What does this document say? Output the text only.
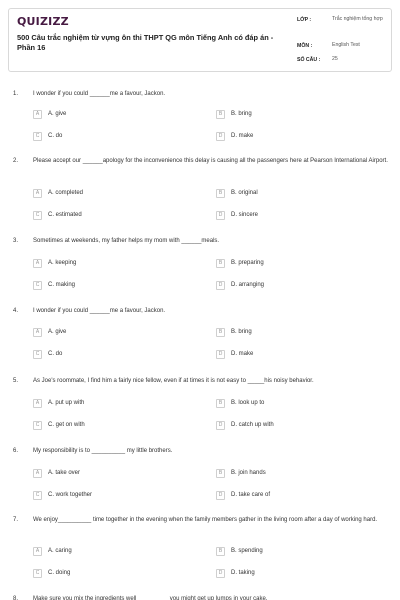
QUIZIZZ
500 Câu trắc nghiệm từ vựng ôn thi THPT QG môn Tiếng Anh có đáp án - Phần 16
LỚP :	Trắc nghiệm tổng hợp
MÔN :	English Test
SỐ CÂU :	25
1.	I wonder if you could ______me a favour, Jackon.
A	A. give	B	B. bring
C	C. do	D	D. make
2.	Please accept our ______apology for the inconvenience this delay is causing all the passengers here at Pearson International Airport.
A	A. completed	B	B. original
C	C. estimated	D	D. sincere
3.	Sometimes at weekends, my father helps my mom with ______meals.
A	A. keeping	B	B. preparing
C	C. making	D	D. arranging
4.	I wonder if you could ______me a favour, Jackon.
A	A. give	B	B. bring
C	C. do	D	D. make
5.	As Joe's roommate, I find him a fairly nice fellow, even if at times it is not easy to _____his noisy behavior.
A	A. put up with	B	B. look up to
C	C. get on with	D	D. catch up with
6.	My responsibility is to __________ my little brothers.
A	A. take over	B	B. join hands
C	C. work together	D	D. take care of
7.	We enjoy__________ time together in the evening when the family members gather in the living room after a day of working hard.
A	A. caring	B	B. spending
C	C. doing	D	D. taking
8.	Make sure you mix the ingredients well _________ you might get up lumps in your cake.
